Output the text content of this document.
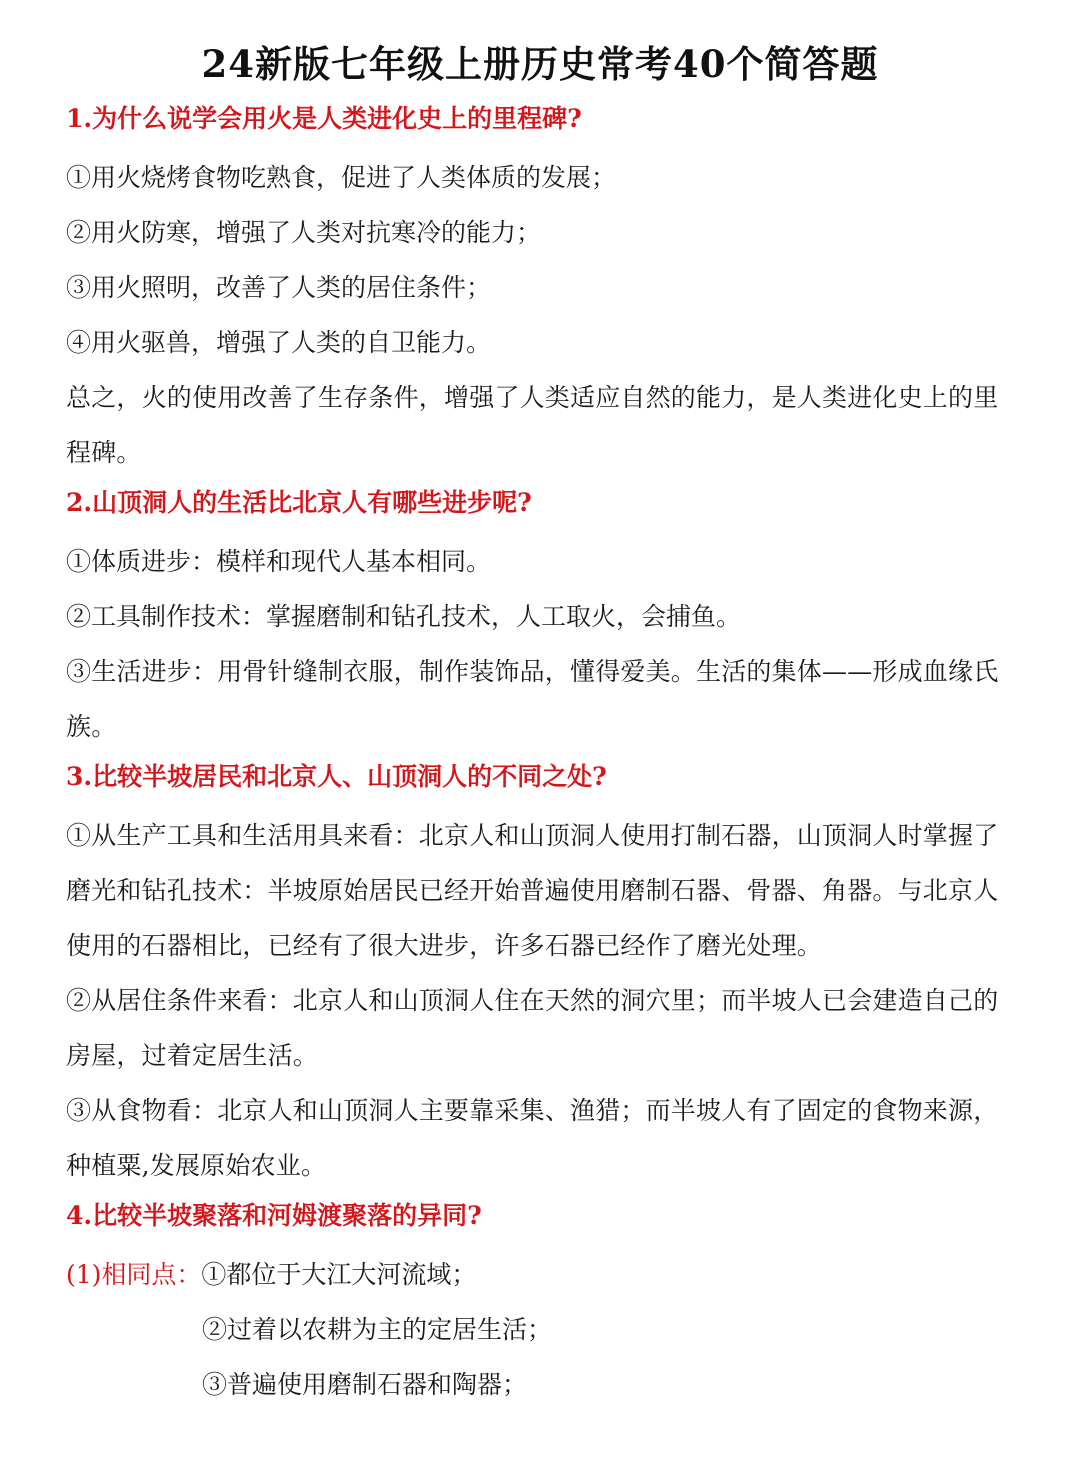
24新版七年级上册历史常考40个简答题
1.为什么说学会用火是人类进化史上的里程碑?
①用火烧烤食物吃熟食，促进了人类体质的发展；
②用火防寒，增强了人类对抗寒冷的能力；
③用火照明，改善了人类的居住条件；
④用火驱兽，增强了人类的自卫能力。
总之，火的使用改善了生存条件，增强了人类适应自然的能力，是人类进化史上的里程碑。
2.山顶洞人的生活比北京人有哪些进步呢?
①体质进步：模样和现代人基本相同。
②工具制作技术：掌握磨制和钻孔技术，人工取火，会捕鱼。
③生活进步：用骨针缝制衣服，制作装饰品，懂得爱美。生活的集体——形成血缘氏族。
3.比较半坡居民和北京人、山顶洞人的不同之处?
①从生产工具和生活用具来看：北京人和山顶洞人使用打制石器，山顶洞人时掌握了磨光和钻孔技术：半坡原始居民已经开始普遍使用磨制石器、骨器、角器。与北京人使用的石器相比，已经有了很大进步，许多石器已经作了磨光处理。
②从居住条件来看：北京人和山顶洞人住在天然的洞穴里；而半坡人已会建造自己的房屋，过着定居生活。
③从食物看：北京人和山顶洞人主要靠采集、渔猎；而半坡人有了固定的食物来源，种植粟,发展原始农业。
4.比较半坡聚落和河姆渡聚落的异同?
(1)相同点：①都位于大江大河流域；
②过着以农耕为主的定居生活；
③普遍使用磨制石器和陶器；
